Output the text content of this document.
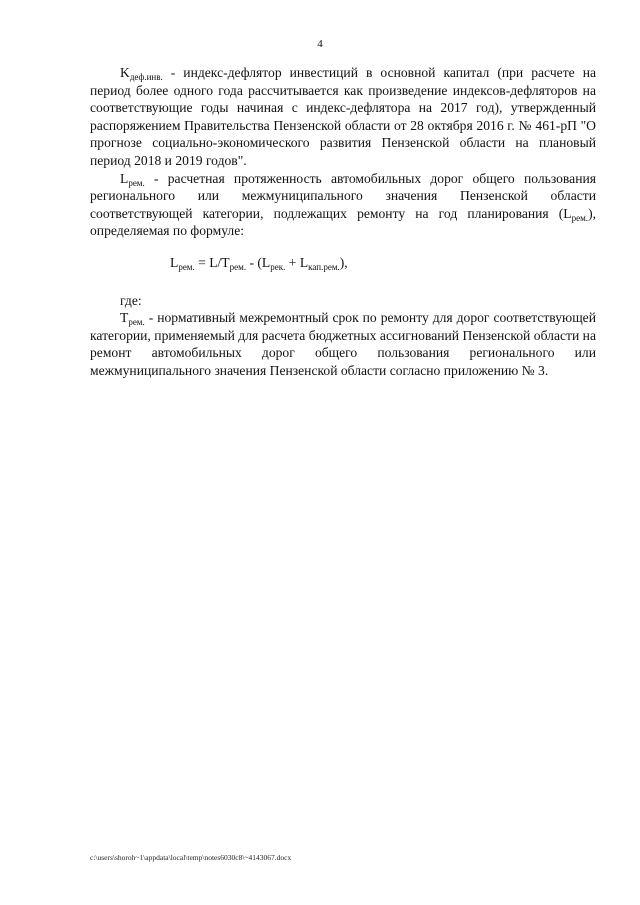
4

$K_{деф.инв.}$ - индекс-дефлятор инвестиций в основной капитал (при расчете на период более одного года рассчитывается как произведение индексов-дефляторов на соответствующие годы начиная с индекс-дефлятора на 2017 год), утвержденный распоряжением Правительства Пензенской области от 28 октября 2016 г. № 461-рП "О прогнозе социально-экономического развития Пензенской области на плановый период 2018 и 2019 годов".

$L_{рем.}$ - расчетная протяженность автомобильных дорог общего пользования регионального или межмуниципального значения Пензенской области соответствующей категории, подлежащих ремонту на год планирования $(L_{рем.})$, определяемая по формуле:

$L_{рем.} = L/T_{рем.} - (L_{рек.} + L_{кап.рем.})$,

где:

$T_{рем.}$ - нормативный межремонтный срок по ремонту для дорог соответствующей категории, применяемый для расчета бюджетных ассигнований Пензенской области на ремонт автомобильных дорог общего пользования регионального или межмуниципального значения Пензенской области согласно приложению № 3.

c:\users\shoroh~1\appdata\local\temp\notes6030c8\~4143067.docx
